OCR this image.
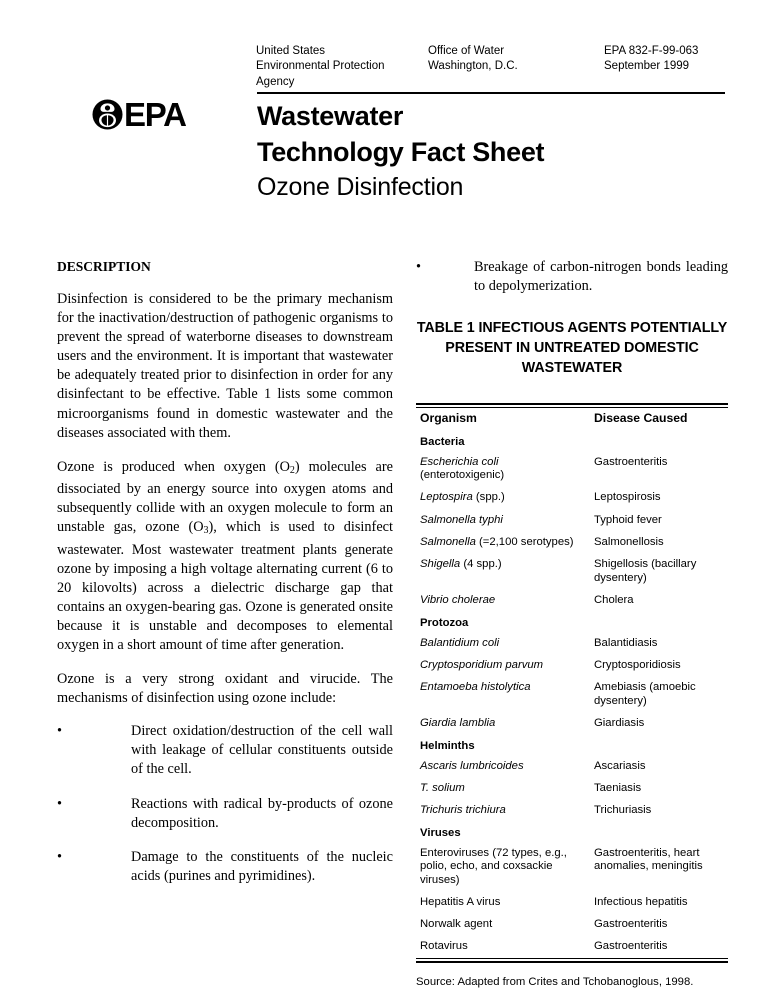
United States
Environmental Protection
Agency
Office of Water
Washington, D.C.
EPA 832-F-99-063
September 1999
EPA	Wastewater
Technology Fact Sheet
Ozone Disinfection
DESCRIPTION

Disinfection is considered to be the primary mechanism for the inactivation/destruction of pathogenic organisms to prevent the spread of waterborne diseases to downstream users and the environment. It is important that wastewater be adequately treated prior to disinfection in order for any disinfectant to be effective. Table 1 lists some common microorganisms found in domestic wastewater and the diseases associated with them.

Ozone is produced when oxygen $(O_2)$ molecules are dissociated by an energy source into oxygen atoms and subsequently collide with an oxygen molecule to form an unstable gas, ozone $(O_3)$, which is used to disinfect wastewater. Most wastewater treatment plants generate ozone by imposing a high voltage alternating current (6 to 20 kilovolts) across a dielectric discharge gap that contains an oxygen-bearing gas. Ozone is generated onsite because it is unstable and decomposes to elemental oxygen in a short amount of time after generation.

Ozone is a very strong oxidant and virucide. The mechanisms of disinfection using ozone include:

•	Direct oxidation/destruction of the cell wall with leakage of cellular constituents outside of the cell.
•	Reactions with radical by-products of ozone decomposition.
•	Damage to the constituents of the nucleic acids (purines and pyrimidines).
•	Breakage of carbon-nitrogen bonds leading to depolymerization.
TABLE 1 INFECTIOUS AGENTS POTENTIALLY PRESENT IN UNTREATED DOMESTIC WASTEWATER
Organism	Disease Caused
Bacteria	
Escherichia coli
(enterotoxigenic)	Gastroenteritis
Leptospira (spp.)	Leptospirosis
Salmonella typhi	Typhoid fever
Salmonella (=2,100 serotypes)	Salmonellosis
Shigella (4 spp.)	Shigellosis (bacillary dysentery)
Vibrio cholerae	Cholera
Protozoa	
Balantidium coli	Balantidiasis
Cryptosporidium parvum	Cryptosporidiosis
Entamoeba histolytica	Amebiasis (amoebic dysentery)
Giardia lamblia	Giardiasis
Helminths	
Ascaris lumbricoides	Ascariasis
T. solium	Taeniasis
Trichuris trichiura	Trichuriasis
Viruses	
Enteroviruses (72 types, e.g., polio, echo, and coxsackie viruses)	Gastroenteritis, heart anomalies, meningitis
Hepatitis A virus	Infectious hepatitis
Norwalk agent	Gastroenteritis
Rotavirus	Gastroenteritis
Source: Adapted from Crites and Tchobanoglous, 1998.
